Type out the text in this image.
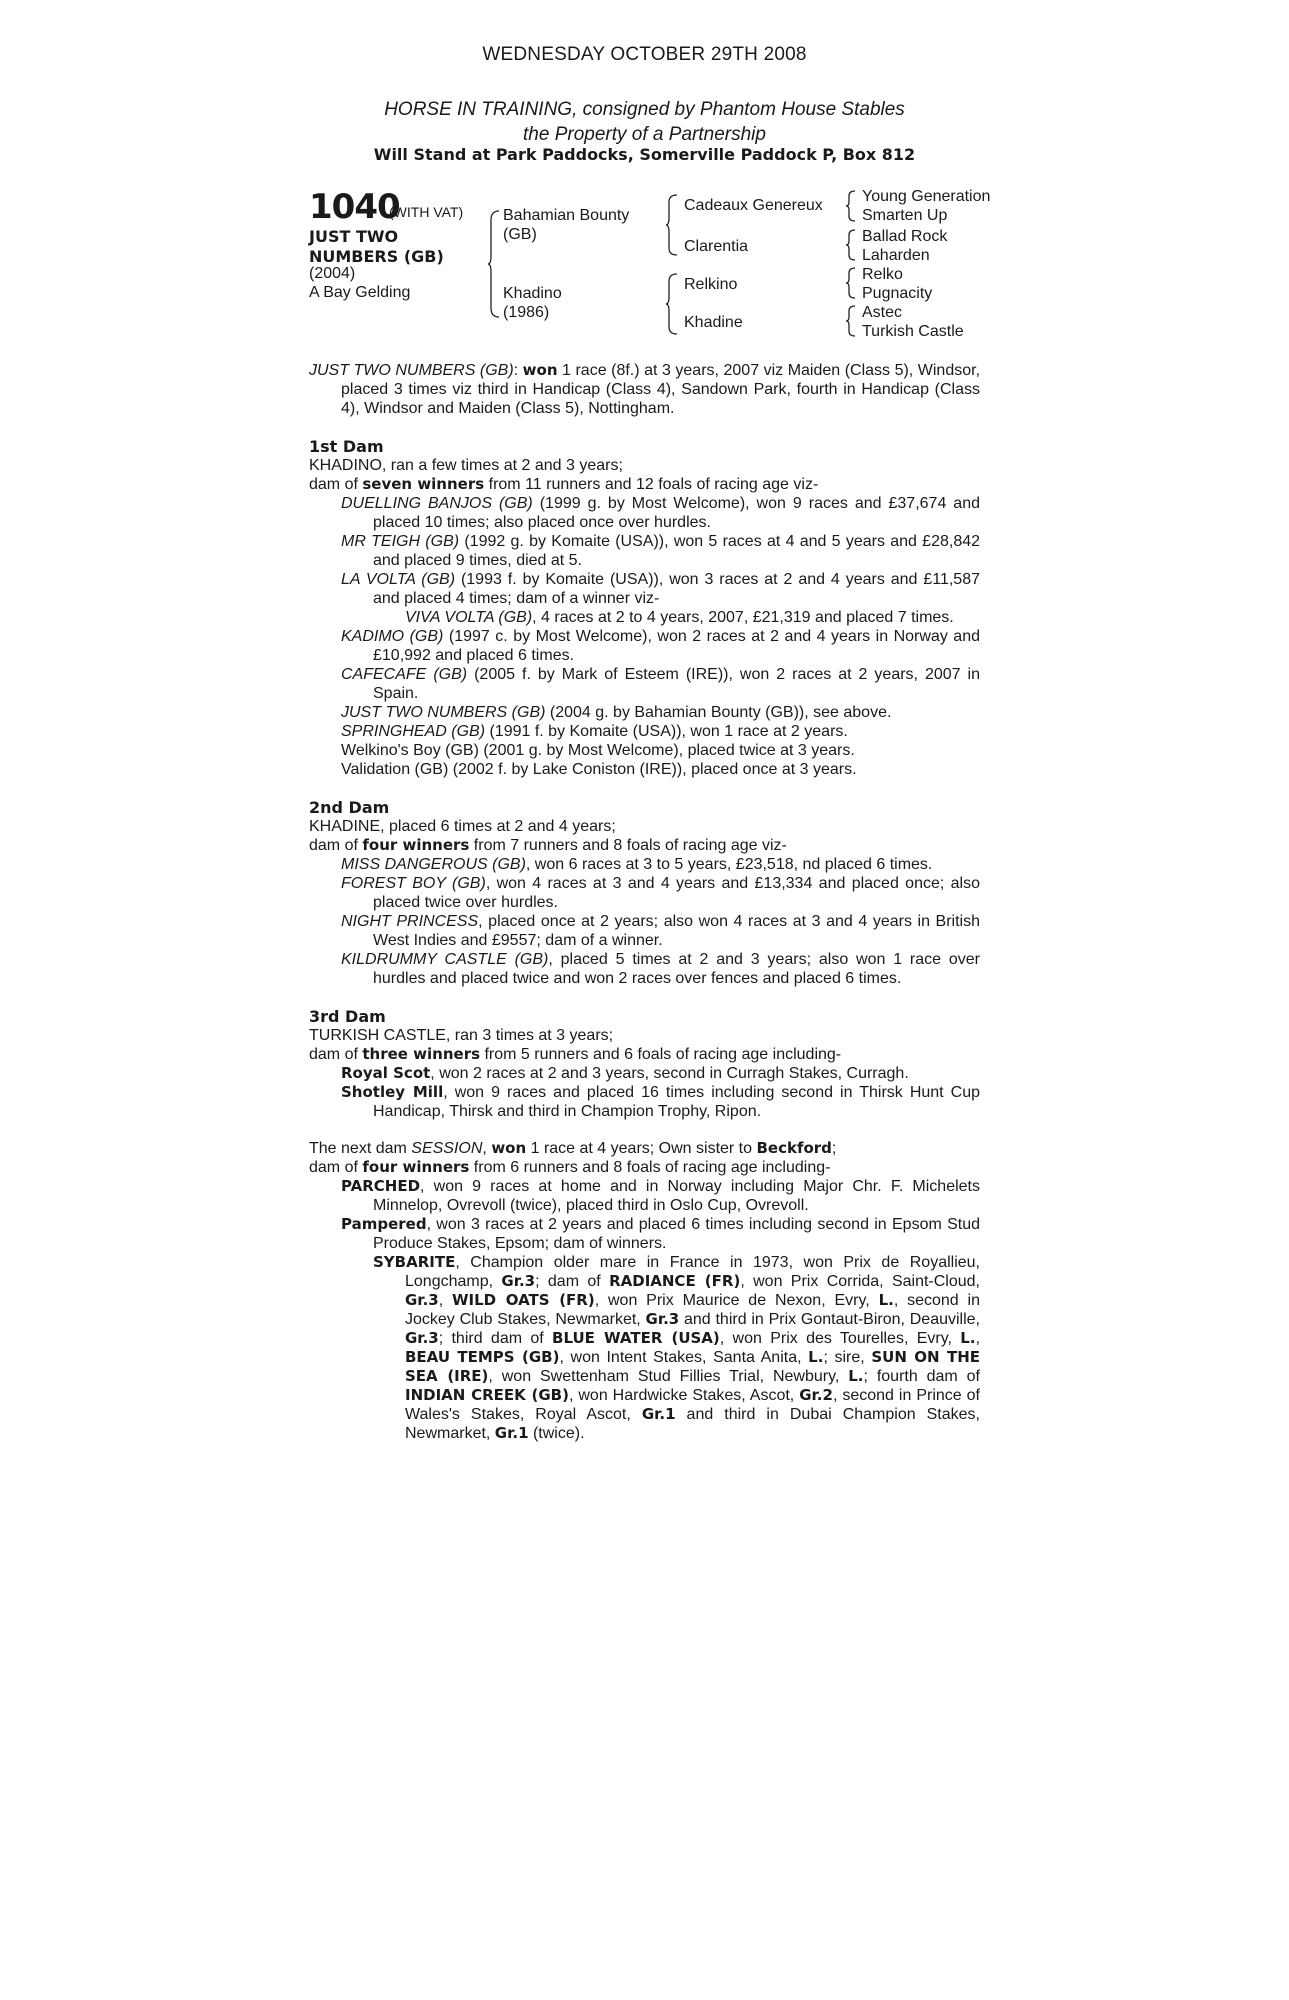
WEDNESDAY OCTOBER 29TH 2008
HORSE IN TRAINING, consigned by Phantom House Stables
the Property of a Partnership
Will Stand at Park Paddocks, Somerville Paddock P, Box 812
1040
(WITH VAT)
JUST TWO
NUMBERS (GB)
(2004)
A Bay Gelding
Bahamian Bounty
(GB)
Khadino
(1986)
Cadeaux Genereux
Clarentia
Relkino
Khadine
Young Generation
Smarten Up
Ballad Rock
Laharden
Relko
Pugnacity
Astec
Turkish Castle

JUST TWO NUMBERS (GB): won 1 race (8f.) at 3 years, 2007 viz Maiden (Class 5), Windsor, placed 3 times viz third in Handicap (Class 4), Sandown Park, fourth in Handicap (Class 4), Windsor and Maiden (Class 5), Nottingham.

1st Dam

KHADINO, ran a few times at 2 and 3 years;

dam of seven winners from 11 runners and 12 foals of racing age viz-

DUELLING BANJOS (GB) (1999 g. by Most Welcome), won 9 races and £37,674 and placed 10 times; also placed once over hurdles.

MR TEIGH (GB) (1992 g. by Komaite (USA)), won 5 races at 4 and 5 years and £28,842 and placed 9 times, died at 5.

LA VOLTA (GB) (1993 f. by Komaite (USA)), won 3 races at 2 and 4 years and £11,587 and placed 4 times; dam of a winner viz-

VIVA VOLTA (GB), 4 races at 2 to 4 years, 2007, £21,319 and placed 7 times.

KADIMO (GB) (1997 c. by Most Welcome), won 2 races at 2 and 4 years in Norway and £10,992 and placed 6 times.

CAFECAFE (GB) (2005 f. by Mark of Esteem (IRE)), won 2 races at 2 years, 2007 in Spain.

JUST TWO NUMBERS (GB) (2004 g. by Bahamian Bounty (GB)), see above.

SPRINGHEAD (GB) (1991 f. by Komaite (USA)), won 1 race at 2 years.

Welkino's Boy (GB) (2001 g. by Most Welcome), placed twice at 3 years.

Validation (GB) (2002 f. by Lake Coniston (IRE)), placed once at 3 years.

2nd Dam

KHADINE, placed 6 times at 2 and 4 years;

dam of four winners from 7 runners and 8 foals of racing age viz-

MISS DANGEROUS (GB), won 6 races at 3 to 5 years, £23,518, nd placed 6 times.

FOREST BOY (GB), won 4 races at 3 and 4 years and £13,334 and placed once; also placed twice over hurdles.

NIGHT PRINCESS, placed once at 2 years; also won 4 races at 3 and 4 years in British West Indies and £9557; dam of a winner.

KILDRUMMY CASTLE (GB), placed 5 times at 2 and 3 years; also won 1 race over hurdles and placed twice and won 2 races over fences and placed 6 times.

3rd Dam

TURKISH CASTLE, ran 3 times at 3 years;

dam of three winners from 5 runners and 6 foals of racing age including-

Royal Scot, won 2 races at 2 and 3 years, second in Curragh Stakes, Curragh.

Shotley Mill, won 9 races and placed 16 times including second in Thirsk Hunt Cup Handicap, Thirsk and third in Champion Trophy, Ripon.

The next dam SESSION, won 1 race at 4 years; Own sister to Beckford;

dam of four winners from 6 runners and 8 foals of racing age including-

PARCHED, won 9 races at home and in Norway including Major Chr. F. Michelets Minnelop, Ovrevoll (twice), placed third in Oslo Cup, Ovrevoll.

Pampered, won 3 races at 2 years and placed 6 times including second in Epsom Stud Produce Stakes, Epsom; dam of winners.

SYBARITE, Champion older mare in France in 1973, won Prix de Royallieu, Longchamp, Gr.3; dam of RADIANCE (FR), won Prix Corrida, Saint-Cloud, Gr.3, WILD OATS (FR), won Prix Maurice de Nexon, Evry, L., second in Jockey Club Stakes, Newmarket, Gr.3 and third in Prix Gontaut-Biron, Deauville, Gr.3; third dam of BLUE WATER (USA), won Prix des Tourelles, Evry, L., BEAU TEMPS (GB), won Intent Stakes, Santa Anita, L.; sire, SUN ON THE SEA (IRE), won Swettenham Stud Fillies Trial, Newbury, L.; fourth dam of INDIAN CREEK (GB), won Hardwicke Stakes, Ascot, Gr.2, second in Prince of Wales's Stakes, Royal Ascot, Gr.1 and third in Dubai Champion Stakes, Newmarket, Gr.1 (twice).
